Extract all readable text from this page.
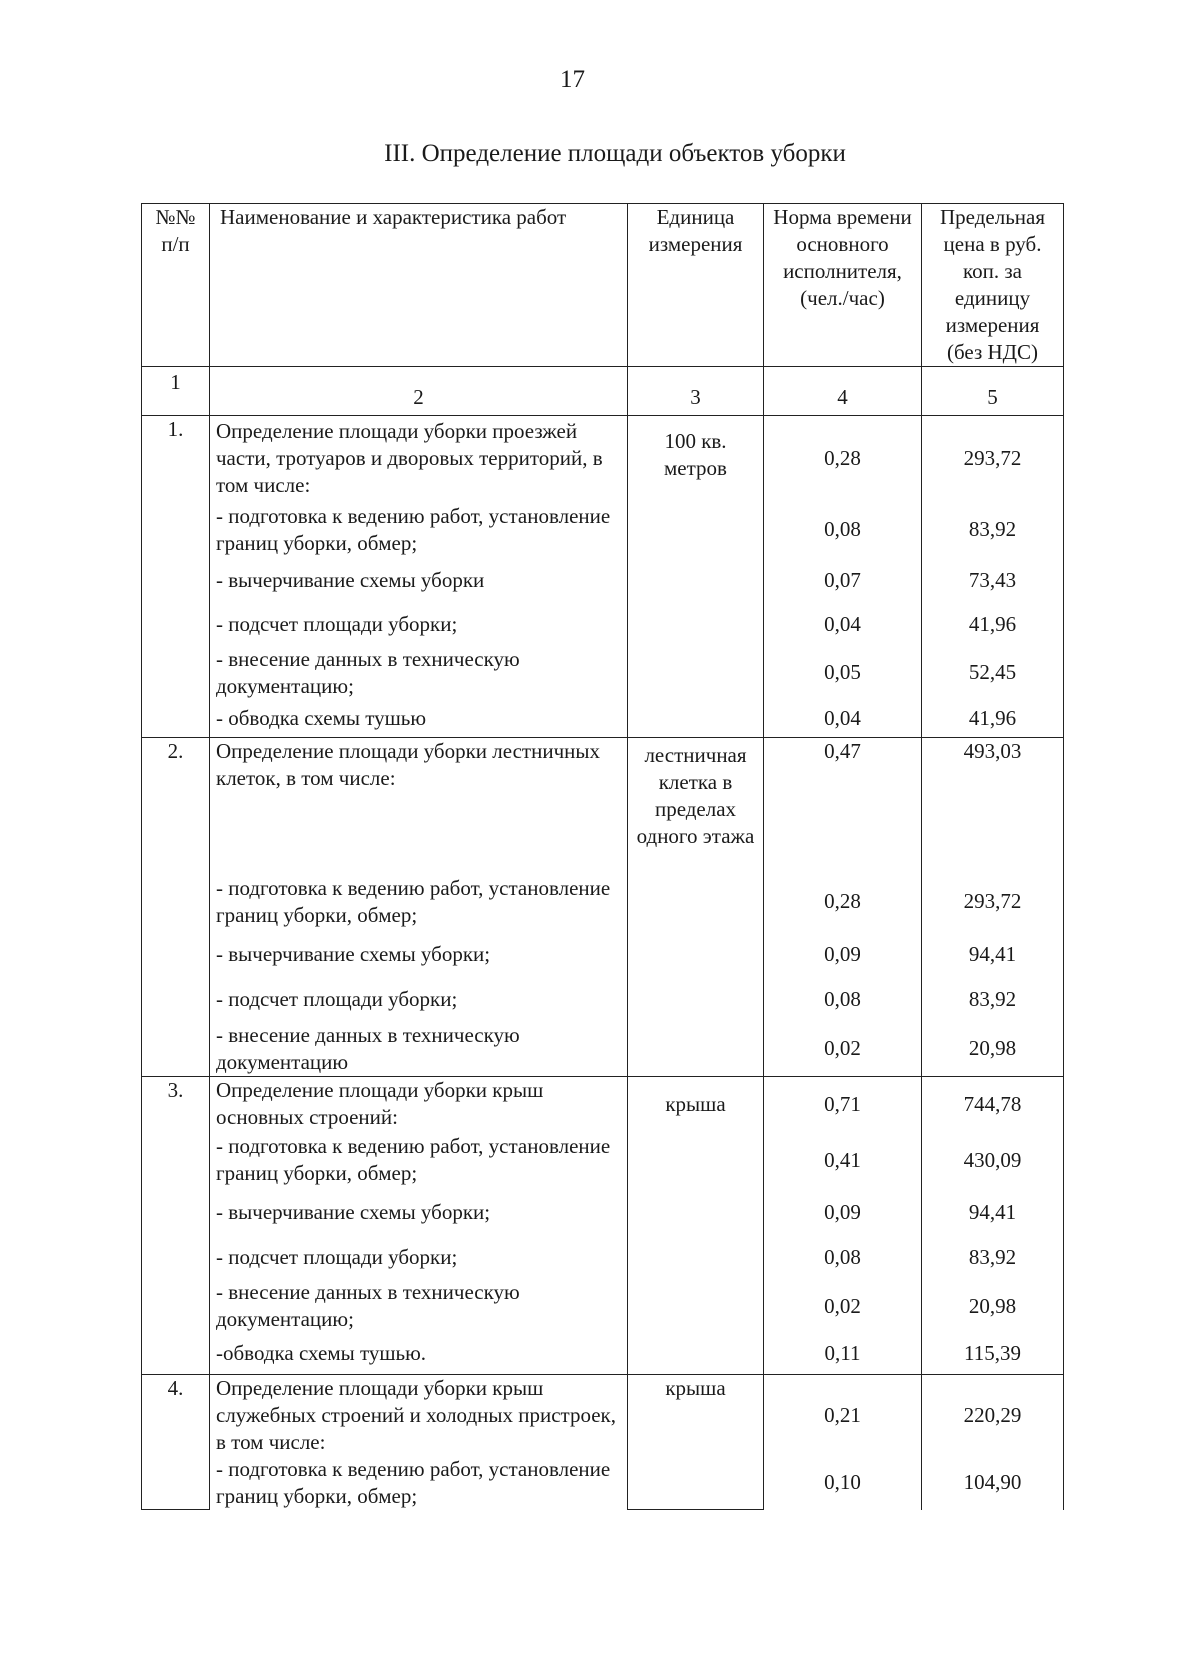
17
III. Определение площади объектов уборки
№№ п/п	Наименование и характеристика работ	Единица измерения	Норма времени основного исполнителя, (чел./час)	Предельная цена в руб. коп. за единицу измерения (без НДС)
1	2	3	4	5
1.	Определение площади уборки проезжей части, тротуаров и дворовых территорий, в том числе:	100 кв. метров	0,28	293,72
	- подготовка к ведению работ, установление границ уборки, обмер;		0,08	83,92
	- вычерчивание схемы уборки		0,07	73,43
	- подсчет площади уборки;		0,04	41,96
	- внесение данных в техническую документацию;		0,05	52,45
	- обводка схемы тушью		0,04	41,96
2.	Определение площади уборки лестничных клеток, в том числе:	лестничная клетка в пределах одного этажа	0,47	493,03
	- подготовка к ведению работ, установление границ уборки, обмер;		0,28	293,72
	- вычерчивание схемы уборки;		0,09	94,41
	- подсчет площади уборки;		0,08	83,92
	- внесение данных в техническую документацию		0,02	20,98
3.	Определение площади уборки крыш основных строений:	крыша	0,71	744,78
	- подготовка к ведению работ, установление границ уборки, обмер;		0,41	430,09
	- вычерчивание схемы уборки;		0,09	94,41
	- подсчет площади уборки;		0,08	83,92
	- внесение данных в техническую документацию;		0,02	20,98
	-обводка схемы тушью.		0,11	115,39
4.	Определение площади уборки крыш служебных строений и холодных пристроек, в том числе:	крыша	0,21	220,29
	- подготовка к ведению работ, установление границ уборки, обмер;		0,10	104,90
